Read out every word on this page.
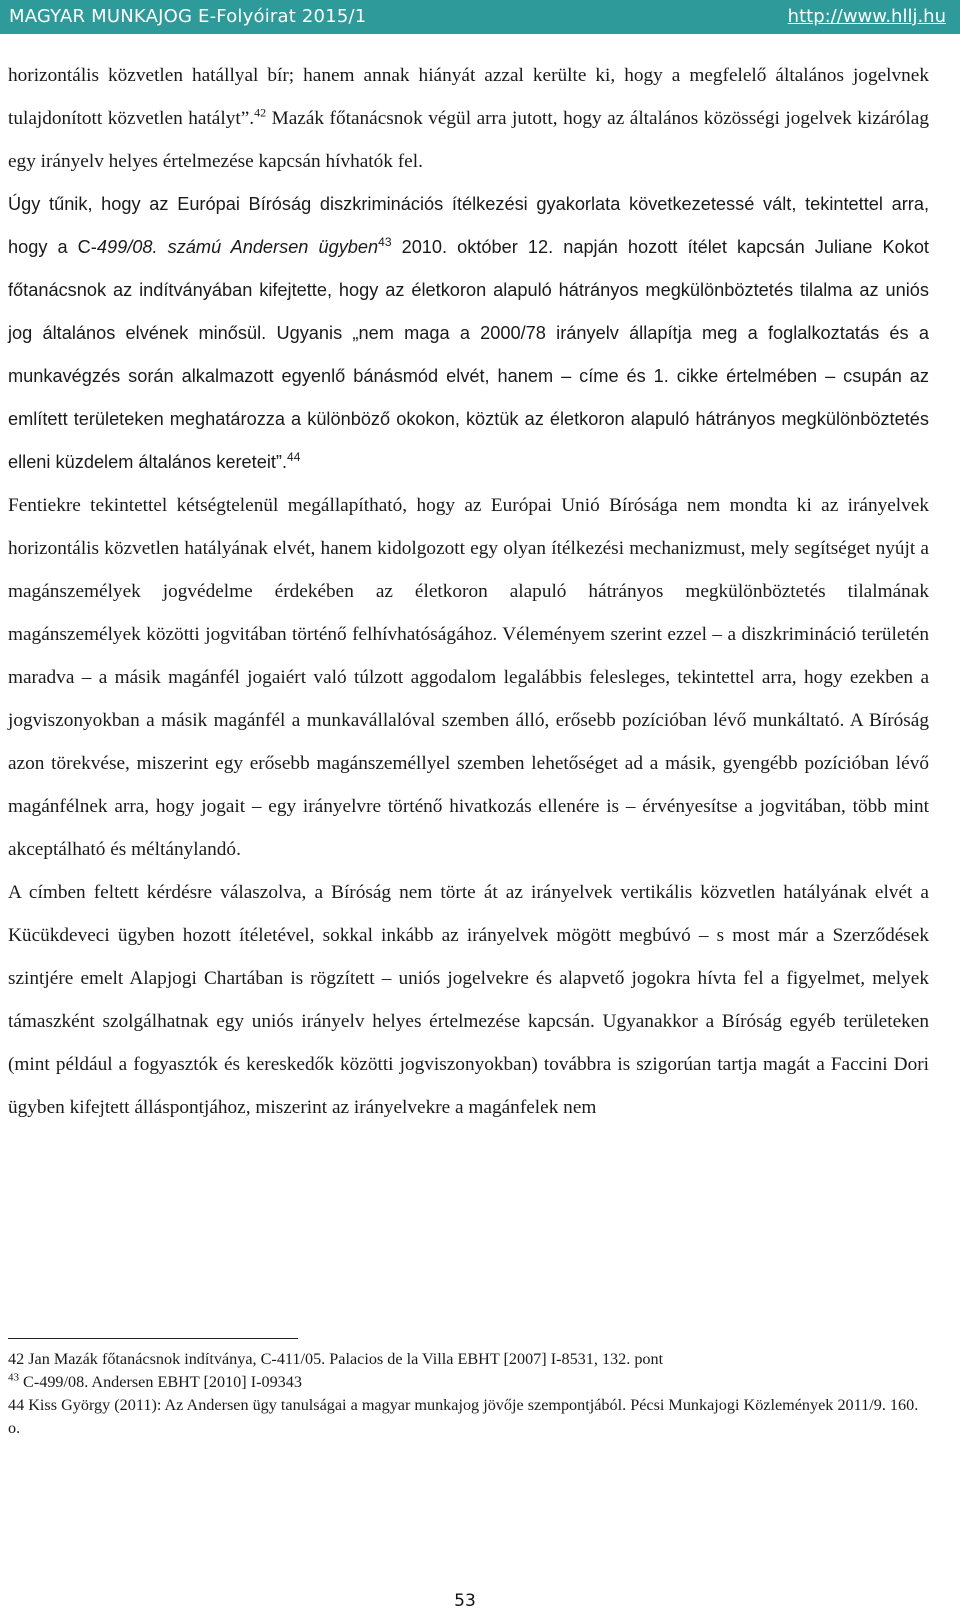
MAGYAR MUNKAJOG E-Folyóirat 2015/1	http://www.hllj.hu

horizontális közvetlen hatállyal bír; hanem annak hiányát azzal kerülte ki, hogy a megfelelő általános jogelvnek tulajdonított közvetlen hatályt”.$^{42}$ Mazák főtanácsnok végül arra jutott, hogy az általános közösségi jogelvek kizárólag egy irányelv helyes értelmezése kapcsán hívhatók fel.

Úgy tűnik, hogy az Európai Bíróság diszkriminációs ítélkezési gyakorlata következetessé vált, tekintettel arra, hogy a C-499/08. számú Andersen ügyben$^{43}$ 2010. október 12. napján hozott ítélet kapcsán Juliane Kokot főtanácsnok az indítványában kifejtette, hogy az életkoron alapuló hátrányos megkülönböztetés tilalma az uniós jog általános elvének minősül. Ugyanis „nem maga a 2000/78 irányelv állapítja meg a foglalkoztatás és a munkavégzés során alkalmazott egyenlő bánásmód elvét, hanem – címe és 1. cikke értelmében – csupán az említett területeken meghatározza a különböző okokon, köztük az életkoron alapuló hátrányos megkülönböztetés elleni küzdelem általános kereteit”.$^{44}$

Fentiekre tekintettel kétségtelenül megállapítható, hogy az Európai Unió Bírósága nem mondta ki az irányelvek horizontális közvetlen hatályának elvét, hanem kidolgozott egy olyan ítélkezési mechanizmust, mely segítséget nyújt a magánszemélyek jogvédelme érdekében az életkoron alapuló hátrányos megkülönböztetés tilalmának magánszemélyek közötti jogvitában történő felhívhatóságához. Véleményem szerint ezzel – a diszkrimináció területén maradva – a másik magánfél jogaiért való túlzott aggodalom legalábbis felesleges, tekintettel arra, hogy ezekben a jogviszonyokban a másik magánfél a munkavállalóval szemben álló, erősebb pozícióban lévő munkáltató. A Bíróság azon törekvése, miszerint egy erősebb magánszeméllyel szemben lehetőséget ad a másik, gyengébb pozícióban lévő magánfélnek arra, hogy jogait – egy irányelvre történő hivatkozás ellenére is – érvényesítse a jogvitában, több mint akceptálható és méltánylandó.

A címben feltett kérdésre válaszolva, a Bíróság nem törte át az irányelvek vertikális közvetlen hatályának elvét a Kücükdeveci ügyben hozott ítéletével, sokkal inkább az irányelvek mögött megbúvó – s most már a Szerződések szintjére emelt Alapjogi Chartában is rögzített – uniós jogelvekre és alapvető jogokra hívta fel a figyelmet, melyek támaszként szolgálhatnak egy uniós irányelv helyes értelmezése kapcsán. Ugyanakkor a Bíróság egyéb területeken (mint például a fogyasztók és kereskedők közötti jogviszonyokban) továbbra is szigorúan tartja magát a Faccini Dori ügyben kifejtett álláspontjához, miszerint az irányelvekre a magánfelek nem

42 Jan Mazák főtanácsnok indítványa, C-411/05. Palacios de la Villa EBHT [2007] I-8531, 132. pont

$^{43}$ C-499/08. Andersen EBHT [2010] I-09343

44 Kiss György (2011): Az Andersen ügy tanulságai a magyar munkajog jövője szempontjából. Pécsi Munkajogi Közlemények 2011/9. 160. o.

53
